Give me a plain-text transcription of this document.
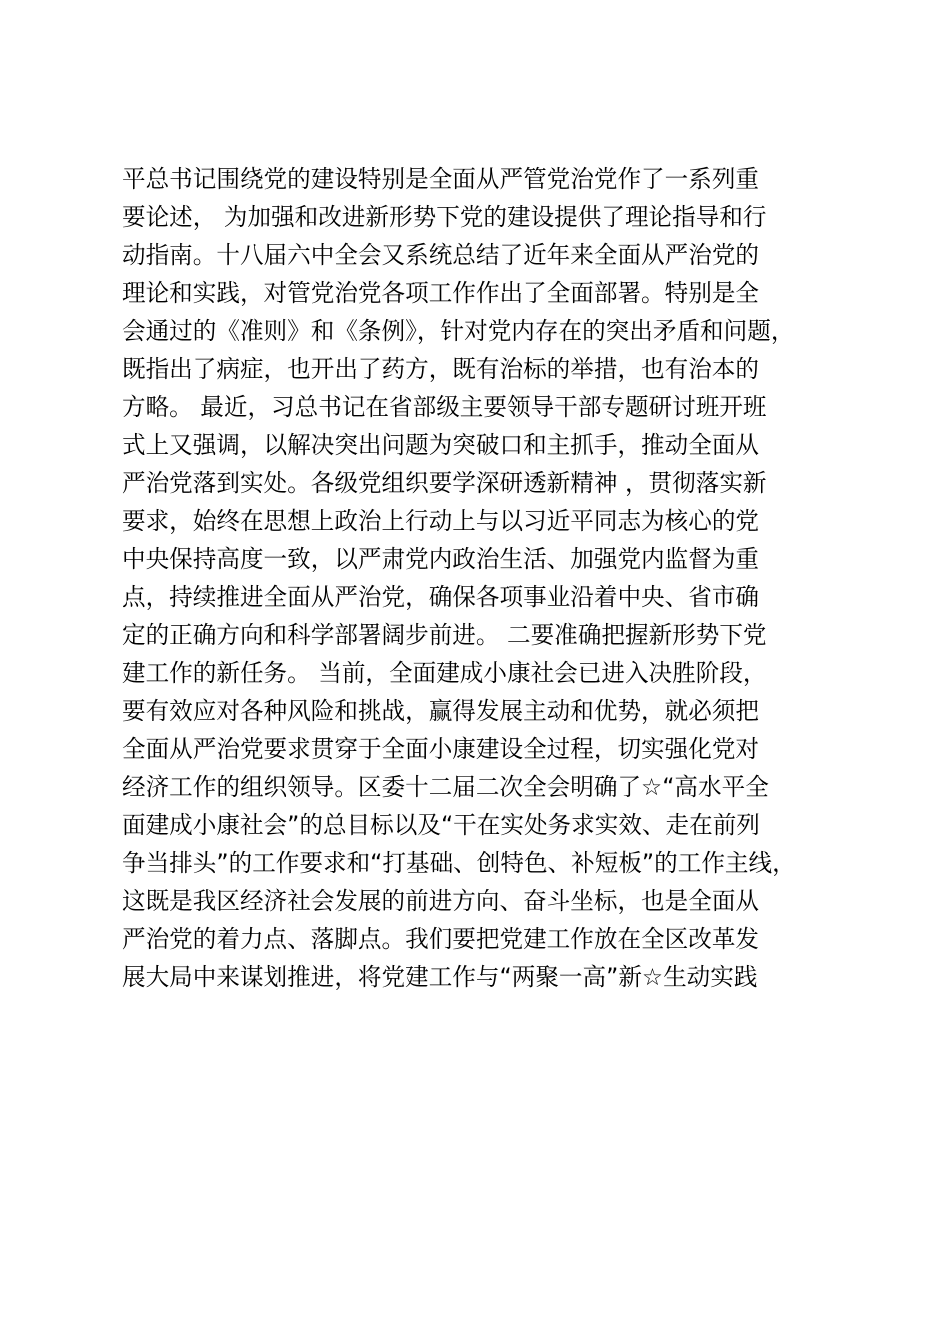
平总书记围绕党的建设特别是全面从严管党治党作了一系列重
要论述， 为加强和改进新形势下党的建设提供了理论指导和行
动指南。十八届六中全会又系统总结了近年来全面从严治党的
理论和实践，对管党治党各项工作作出了全面部署。特别是全
会通过的《准则》和《条例》，针对党内存在的突出矛盾和问题，
既指出了病症，也开出了药方，既有治标的举措，也有治本的
方略。 最近，习总书记在省部级主要领导干部专题研讨班开班
式上又强调，以解决突出问题为突破口和主抓手，推动全面从
严治党落到实处。各级党组织要学深研透新精神 ，贯彻落实新
要求，始终在思想上政治上行动上与以习近平同志为核心的党
中央保持高度一致，以严肃党内政治生活、加强党内监督为重
点，持续推进全面从严治党，确保各项事业沿着中央、省市确
定的正确方向和科学部署阔步前进。 二要准确把握新形势下党
建工作的新任务。 当前，全面建成小康社会已进入决胜阶段，
要有效应对各种风险和挑战，赢得发展主动和优势，就必须把
全面从严治党要求贯穿于全面小康建设全过程，切实强化党对
经济工作的组织领导。区委十二届二次全会明确了☆“高水平全
面建成小康社会”的总目标以及“干在实处务求实效、走在前列
争当排头”的工作要求和“打基础、创特色、补短板”的工作主线，
这既是我区经济社会发展的前进方向、奋斗坐标，也是全面从
严治党的着力点、落脚点。我们要把党建工作放在全区改革发
展大局中来谋划推进，将党建工作与“两聚一高”新☆生动实践
